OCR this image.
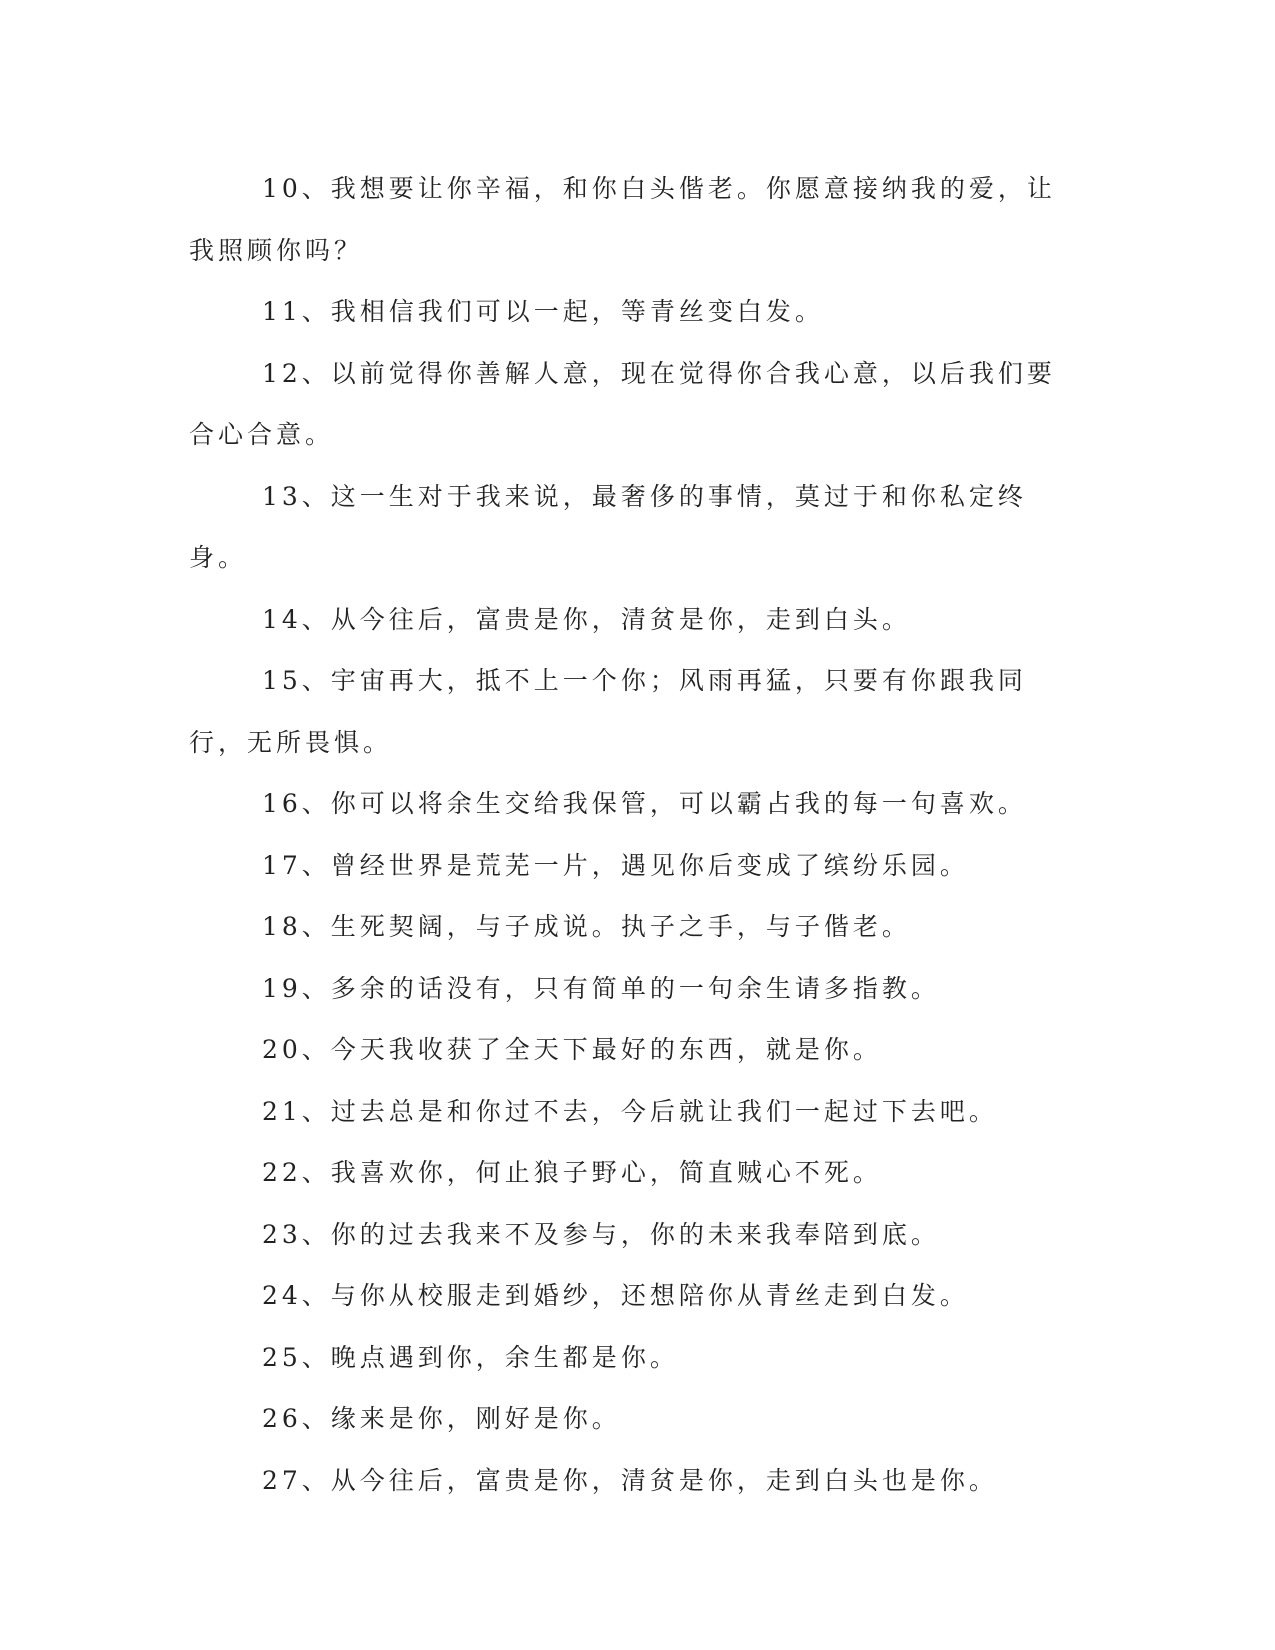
10、我想要让你辛福，和你白头偕老。你愿意接纳我的爱，让我照顾你吗？

11、我相信我们可以一起，等青丝变白发。

12、以前觉得你善解人意，现在觉得你合我心意，以后我们要合心合意。

13、这一生对于我来说，最奢侈的事情，莫过于和你私定终身。

14、从今往后，富贵是你，清贫是你，走到白头。

15、宇宙再大，抵不上一个你；风雨再猛，只要有你跟我同行，无所畏惧。

16、你可以将余生交给我保管，可以霸占我的每一句喜欢。

17、曾经世界是荒芜一片，遇见你后变成了缤纷乐园。

18、生死契阔，与子成说。执子之手，与子偕老。

19、多余的话没有，只有简单的一句余生请多指教。

20、今天我收获了全天下最好的东西，就是你。

21、过去总是和你过不去，今后就让我们一起过下去吧。

22、我喜欢你，何止狼子野心，简直贼心不死。

23、你的过去我来不及参与，你的未来我奉陪到底。

24、与你从校服走到婚纱，还想陪你从青丝走到白发。

25、晚点遇到你，余生都是你。

26、缘来是你，刚好是你。

27、从今往后，富贵是你，清贫是你，走到白头也是你。
